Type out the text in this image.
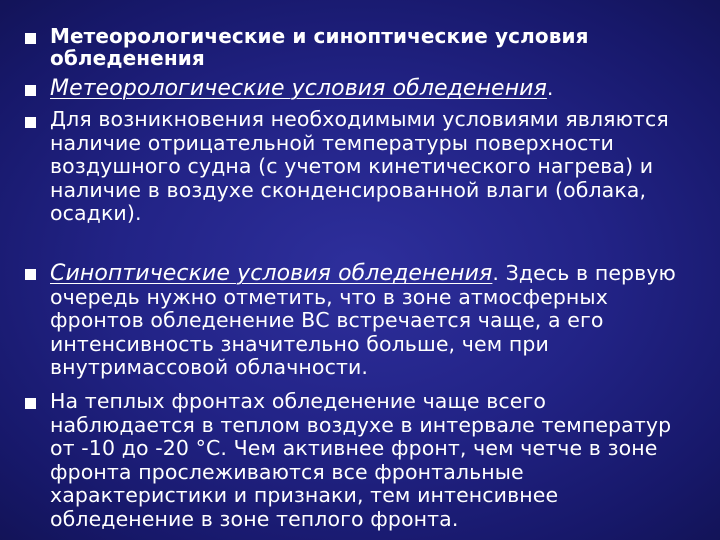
Метеорологические и синоптические условия
обледенения
Метеорологические условия обледенения.
Для возникновения необходимыми условиями являются
наличие отрицательной температуры поверхности
воздушного судна (с учетом кинетического нагрева) и
наличие в воздухе сконденсированной влаги (облака,
осадки).
Синоптические условия обледенения. Здесь в первую
очередь нужно отметить, что в зоне атмосферных
фронтов обледенение ВС встречается чаще, а его
интенсивность значительно больше, чем при
внутримассовой облачности.
На теплых фронтах обледенение чаще всего
наблюдается в теплом воздухе в интервале температур
от -10 до -20 °С. Чем активнее фронт, чем четче в зоне
фронта прослеживаются все фронтальные
характеристики и признаки, тем интенсивнее
обледенение в зоне теплого фронта.
